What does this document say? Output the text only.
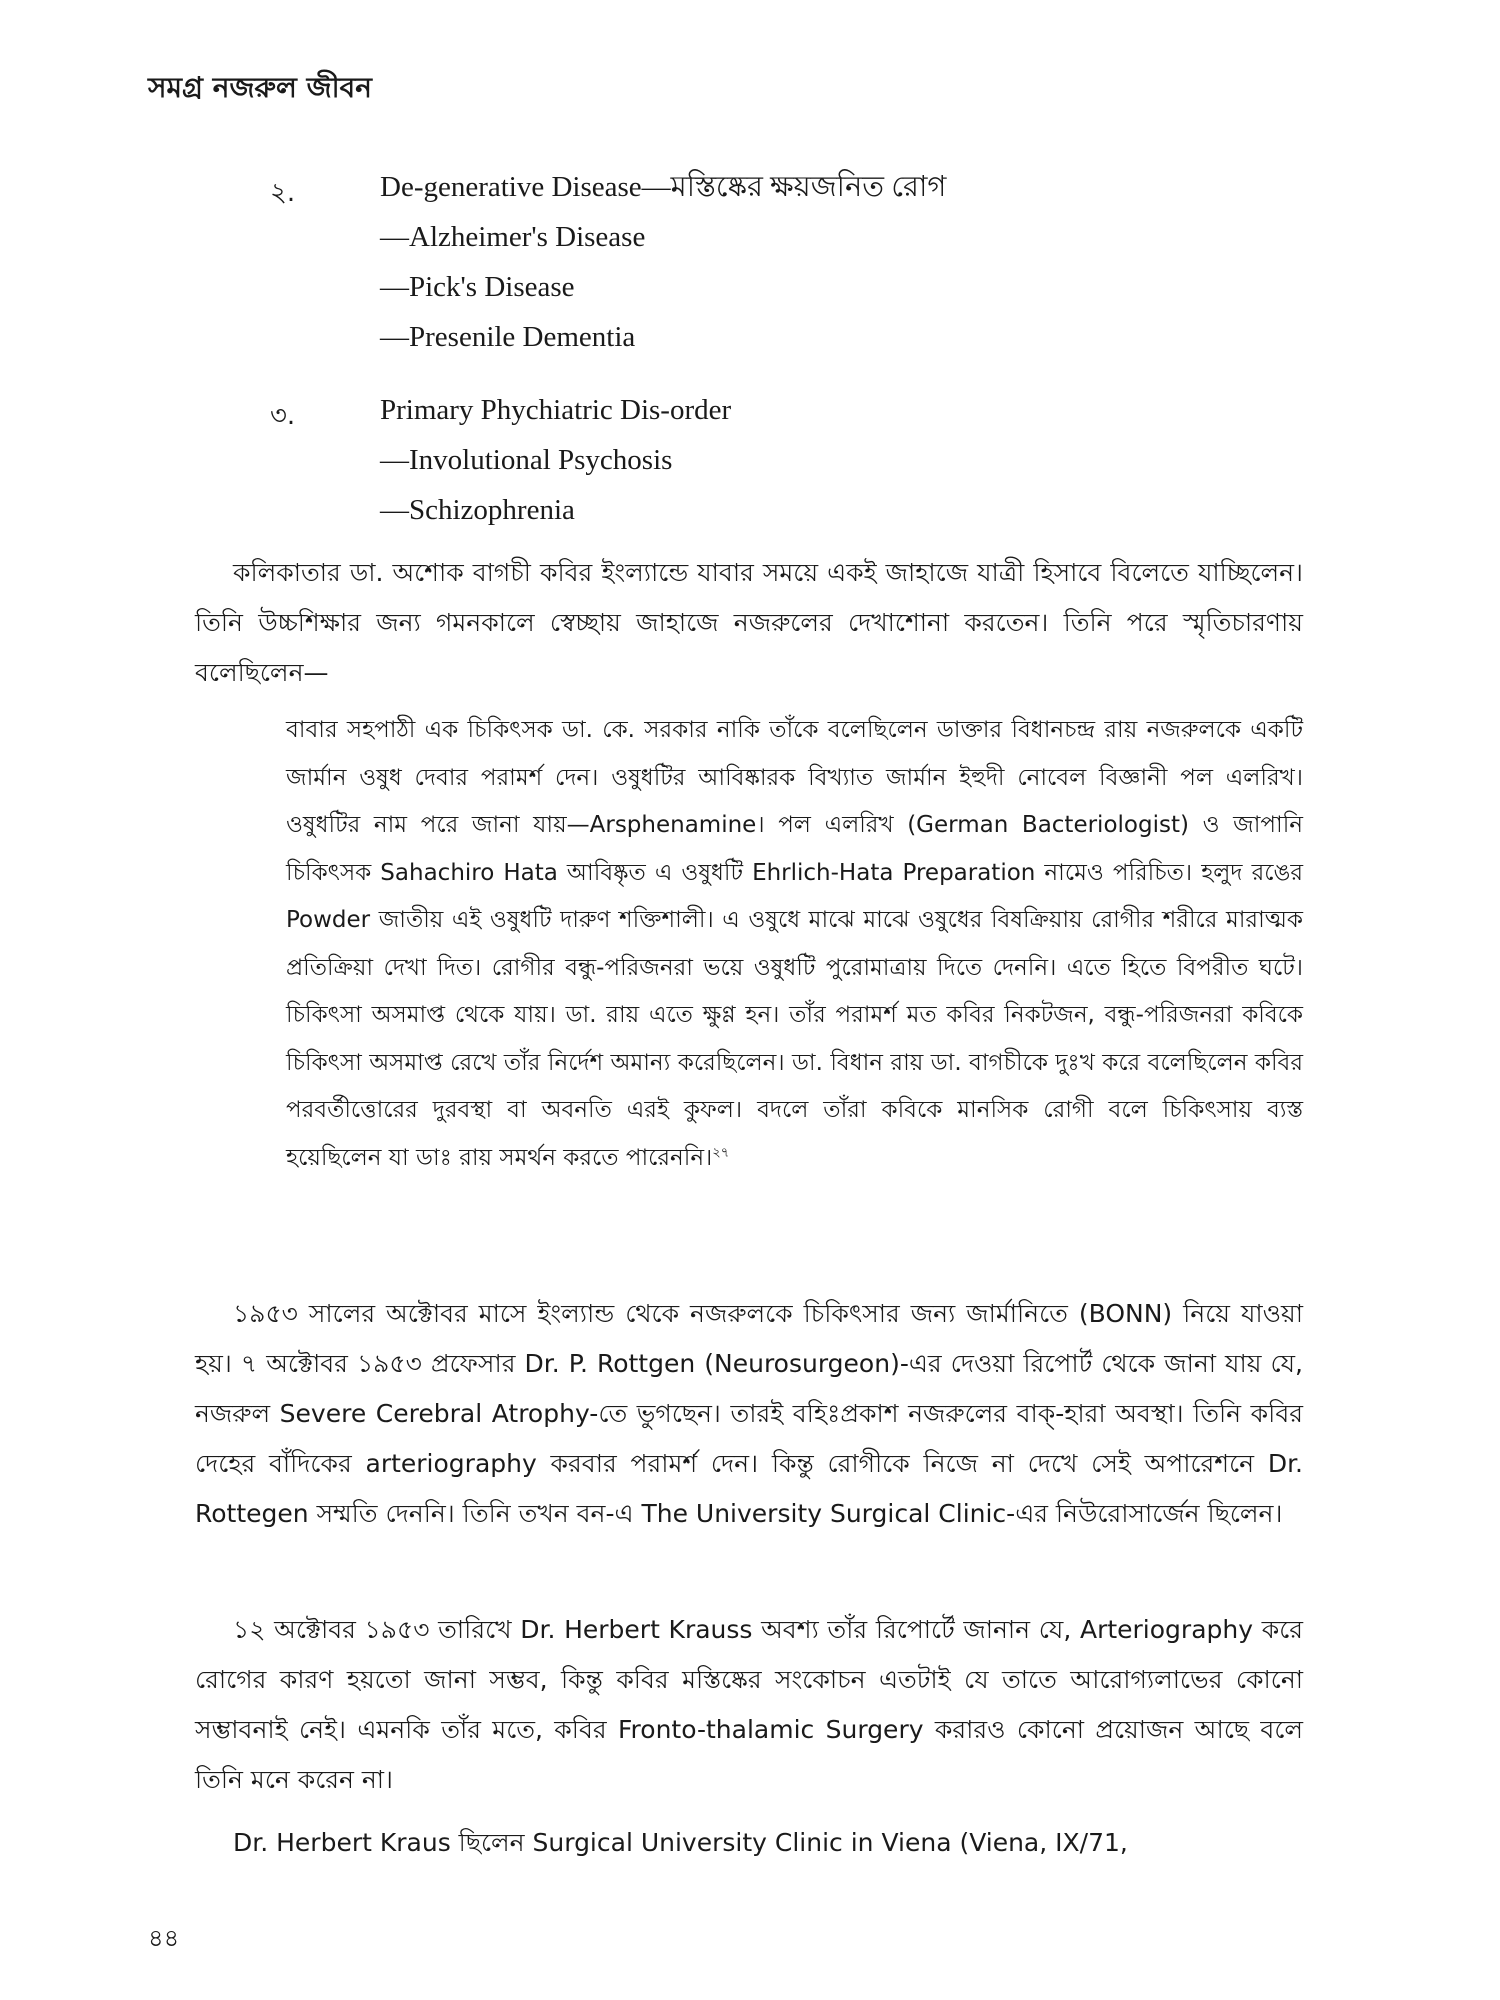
সমগ্র নজরুল জীবন
২.	De-generative Disease—মস্তিষ্কের ক্ষয়জনিত রোগ
—Alzheimer's Disease
—Pick's Disease
—Presenile Dementia
৩.	Primary Phychiatric Dis-order
—Involutional Psychosis
—Schizophrenia

কলিকাতার ডা. অশোক বাগচী কবির ইংল্যান্ডে যাবার সময়ে একই জাহাজে যাত্রী হিসাবে বিলেতে যাচ্ছিলেন। তিনি উচ্চশিক্ষার জন্য গমনকালে স্বেচ্ছায় জাহাজে নজরুলের দেখাশোনা করতেন। তিনি পরে স্মৃতিচারণায় বলেছিলেন—

বাবার সহপাঠী এক চিকিৎসক ডা. কে. সরকার নাকি তাঁকে বলেছিলেন ডাক্তার বিধানচন্দ্র রায় নজরুলকে একটি জার্মান ওষুধ দেবার পরামর্শ দেন। ওষুধটির আবিষ্কারক বিখ্যাত জার্মান ইহুদী নোবেল বিজ্ঞানী পল এলরিখ। ওষুধটির নাম পরে জানা যায়—Arsphenamine। পল এলরিখ (German Bacteriologist) ও জাপানি চিকিৎসক Sahachiro Hata আবিষ্কৃত এ ওষুধটি Ehrlich-Hata Preparation নামেও পরিচিত। হলুদ রঙের Powder জাতীয় এই ওষুধটি দারুণ শক্তিশালী। এ ওষুধে মাঝে মাঝে ওষুধের বিষক্রিয়ায় রোগীর শরীরে মারাত্মক প্রতিক্রিয়া দেখা দিত। রোগীর বন্ধু-পরিজনরা ভয়ে ওষুধটি পুরোমাত্রায় দিতে দেননি। এতে হিতে বিপরীত ঘটে। চিকিৎসা অসমাপ্ত থেকে যায়। ডা. রায় এতে ক্ষুণ্ণ হন। তাঁর পরামর্শ মত কবির নিকটজন, বন্ধু-পরিজনরা কবিকে চিকিৎসা অসমাপ্ত রেখে তাঁর নির্দেশ অমান্য করেছিলেন। ডা. বিধান রায় ডা. বাগচীকে দুঃখ করে বলেছিলেন কবির পরবর্তীত্তোরের দুরবস্থা বা অবনতি এরই কুফল। বদলে তাঁরা কবিকে মানসিক রোগী বলে চিকিৎসায় ব্যস্ত হয়েছিলেন যা ডাঃ রায় সমর্থন করতে পারেননি।$^{২৭}$

১৯৫৩ সালের অক্টোবর মাসে ইংল্যান্ড থেকে নজরুলকে চিকিৎসার জন্য জার্মানিতে (BONN) নিয়ে যাওয়া হয়। ৭ অক্টোবর ১৯৫৩ প্রফেসার Dr. P. Rottgen (Neurosurgeon)-এর দেওয়া রিপোর্ট থেকে জানা যায় যে, নজরুল Severe Cerebral Atrophy-তে ভুগছেন। তারই বহিঃপ্রকাশ নজরুলের বাক্-হারা অবস্থা। তিনি কবির দেহের বাঁদিকের arteriography করবার পরামর্শ দেন। কিন্তু রোগীকে নিজে না দেখে সেই অপারেশনে Dr. Rottegen সম্মতি দেননি। তিনি তখন বন-এ The University Surgical Clinic-এর নিউরোসার্জেন ছিলেন।

১২ অক্টোবর ১৯৫৩ তারিখে Dr. Herbert Krauss অবশ্য তাঁর রিপোর্টে জানান যে, Arteriography করে রোগের কারণ হয়তো জানা সম্ভব, কিন্তু কবির মস্তিষ্কের সংকোচন এতটাই যে তাতে আরোগ্যলাভের কোনো সম্ভাবনাই নেই। এমনকি তাঁর মতে, কবির Fronto-thalamic Surgery করারও কোনো প্রয়োজন আছে বলে তিনি মনে করেন না।

Dr. Herbert Kraus ছিলেন Surgical University Clinic in Viena (Viena, IX/71,

৪৪
